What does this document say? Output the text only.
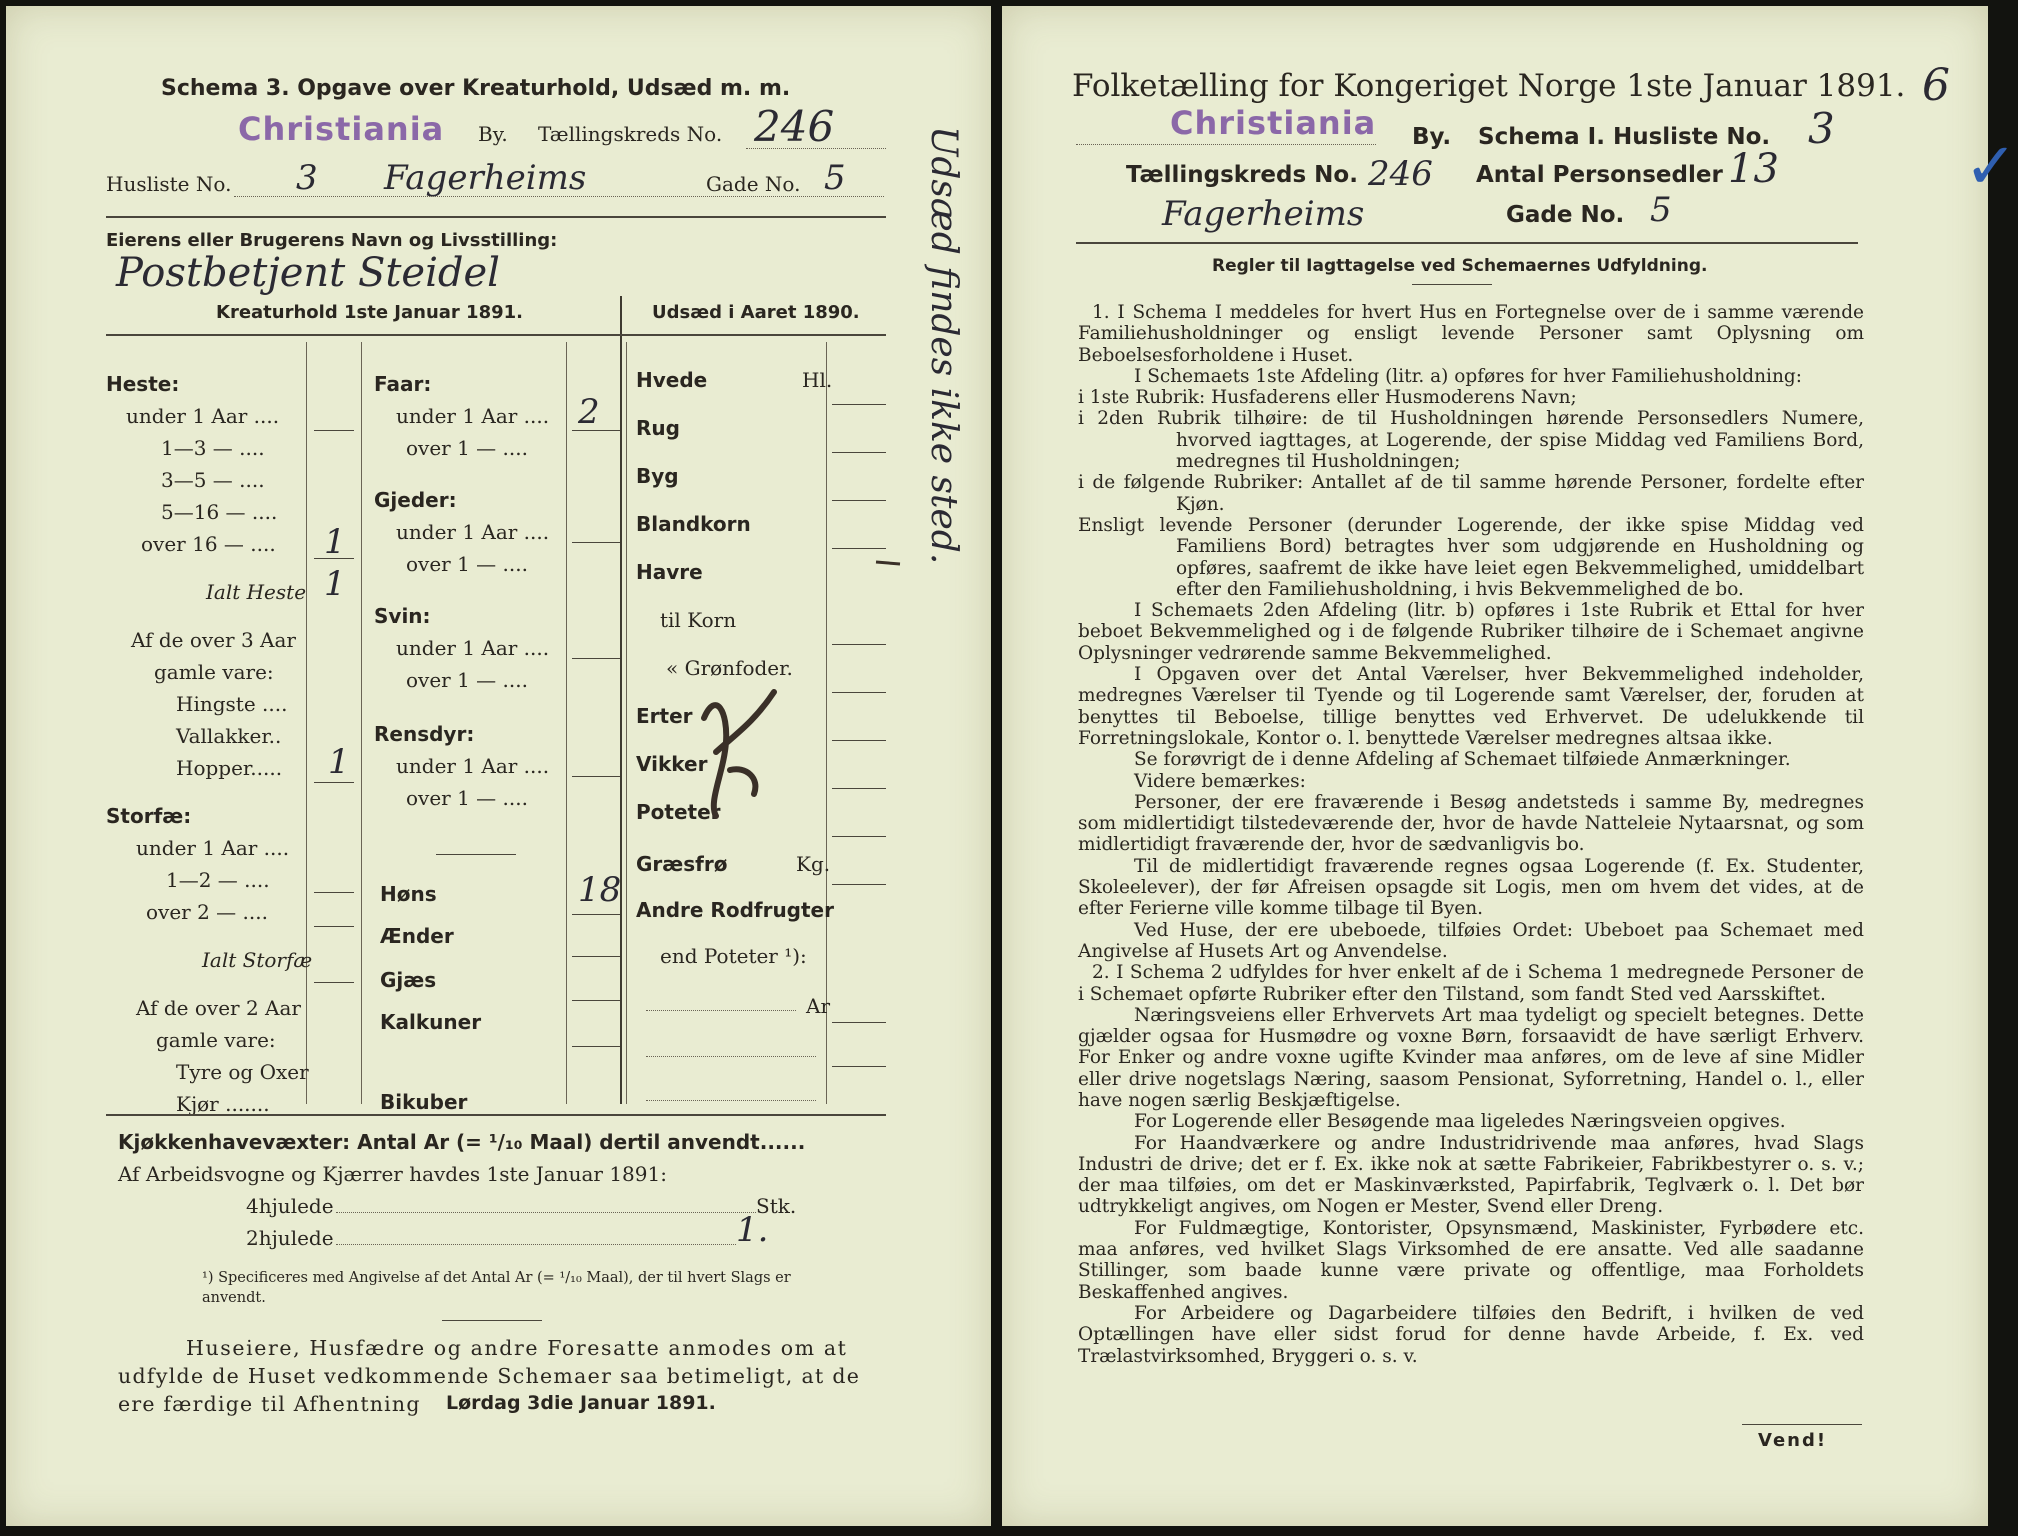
Schema 3. Opgave over Kreaturhold, Udsæd m. m.
Christiania By. Tællingskreds No. 246
Husliste No. 3 Fagerheims	Gade No. 5
Eierens eller Brugerens Navn og Livsstilling:
Postbetjent Steidel
Kreaturhold 1ste Januar 1891.	Udsæd i Aaret 1890.
Heste:
under 1 Aar ....
1—3 — ....
3—5 — ....
5—16 — ....
over 16 — .... 1
Ialt Heste 1
Af de over 3 Aar
gamle vare:
Hingste ....
Vallakker..
Hopper..... 1
Storfæ:
under 1 Aar ....
1—2 — ....
over 2 — ....
Ialt Storfæ
Af de over 2 Aar
gamle vare:
Tyre og Oxer
Kjør .......
Faar:
under 1 Aar .... 2
over 1 — ....
Gjeder:
under 1 Aar ....
over 1 — ....
Svin:
under 1 Aar ....
over 1 — ....
Rensdyr:
under 1 Aar ....
over 1 — ....
Høns	18
Ænder
Gjæs
Kalkuner
Bikuber
Hvede	Hl.
Rug
Byg
Blandkorn
Havre
til Korn
« Grønfoder.
Erter
Vikker
Poteter
Græsfrø	Kg.
Andre Rodfrugter
end Poteter ¹):
Ar
Udsæd findes ikke sted.
Kjøkkenhavevæxter: Antal Ar (= ¹/₁₀ Maal) dertil anvendt......
Af Arbeidsvogne og Kjærrer havdes 1ste Januar 1891:
4hjulede	Stk.
2hjulede	1.
¹) Specificeres med Angivelse af det Antal Ar (= ¹/₁₀ Maal), der til hvert Slags er
anvendt.
Huseiere, Husfædre og andre Foresatte anmodes om at
udfylde de Huset vedkommende Schemaer saa betimeligt, at de
ere færdige til Afhentning Lørdag 3die Januar 1891.
Folketælling for Kongeriget Norge 1ste Januar 1891. 6
Christiania By. Schema I. Husliste No. 3
Tællingskreds No. 246 Antal Personsedler 13	✓
Fagerheims	Gade No. 5
Regler til Iagttagelse ved Schemaernes Udfyldning.

1. I Schema I meddeles for hvert Hus en Fortegnelse over de i samme værende Familiehusholdninger og ensligt levende Personer samt Oplysning om Beboelsesforholdene i Huset.

I Schemaets 1ste Afdeling (litr. a) opføres for hver Familiehusholdning:

i 1ste Rubrik: Husfaderens eller Husmoderens Navn;

i 2den Rubrik tilhøire: de til Husholdningen hørende Personsedlers Numere, hvorved iagttages, at Logerende, der spise Middag ved Familiens Bord, medregnes til Husholdningen;

i de følgende Rubriker: Antallet af de til samme hørende Personer, fordelte efter Kjøn.

Ensligt levende Personer (derunder Logerende, der ikke spise Middag ved Familiens Bord) betragtes hver som udgjørende en Husholdning og opføres, saafremt de ikke have leiet egen Bekvemmelighed, umiddelbart efter den Familiehusholdning, i hvis Bekvemmelighed de bo.

I Schemaets 2den Afdeling (litr. b) opføres i 1ste Rubrik et Ettal for hver beboet Bekvemmelighed og i de følgende Rubriker tilhøire de i Schemaet angivne Oplysninger vedrørende samme Bekvemmelighed.

I Opgaven over det Antal Værelser, hver Bekvemmelighed indeholder, medregnes Værelser til Tyende og til Logerende samt Værelser, der, foruden at benyttes til Beboelse, tillige benyttes ved Erhvervet. De udelukkende til Forretningslokale, Kontor o. l. benyttede Værelser medregnes altsaa ikke.

Se forøvrigt de i denne Afdeling af Schemaet tilføiede Anmærkninger.

Videre bemærkes:

Personer, der ere fraværende i Besøg andetsteds i samme By, medregnes som midlertidigt tilstedeværende der, hvor de havde Natteleie Nytaarsnat, og som midlertidigt fraværende der, hvor de sædvanligvis bo.

Til de midlertidigt fraværende regnes ogsaa Logerende (f. Ex. Studenter, Skoleelever), der før Afreisen opsagde sit Logis, men om hvem det vides, at de efter Ferierne ville komme tilbage til Byen.

Ved Huse, der ere ubeboede, tilføies Ordet: Ubeboet paa Schemaet med Angivelse af Husets Art og Anvendelse.

2. I Schema 2 udfyldes for hver enkelt af de i Schema 1 medregnede Personer de i Schemaet opførte Rubriker efter den Tilstand, som fandt Sted ved Aarsskiftet.

Næringsveiens eller Erhvervets Art maa tydeligt og specielt betegnes. Dette gjælder ogsaa for Husmødre og voxne Børn, forsaavidt de have særligt Erhverv. For Enker og andre voxne ugifte Kvinder maa anføres, om de leve af sine Midler eller drive nogetslags Næring, saasom Pensionat, Syforretning, Handel o. l., eller have nogen særlig Beskjæftigelse.

For Logerende eller Besøgende maa ligeledes Næringsveien opgives.

For Haandværkere og andre Industridrivende maa anføres, hvad Slags Industri de drive; det er f. Ex. ikke nok at sætte Fabrikeier, Fabrikbestyrer o. s. v.; der maa tilføies, om det er Maskinværksted, Papirfabrik, Teglværk o. l. Det bør udtrykkeligt angives, om Nogen er Mester, Svend eller Dreng.

For Fuldmægtige, Kontorister, Opsynsmænd, Maskinister, Fyrbødere etc. maa anføres, ved hvilket Slags Virksomhed de ere ansatte. Ved alle saadanne Stillinger, som baade kunne være private og offentlige, maa Forholdets Beskaffenhed angives.

For Arbeidere og Dagarbeidere tilføies den Bedrift, i hvilken de ved Optællingen have eller sidst forud for denne havde Arbeide, f. Ex. ved Trælastvirksomhed, Bryggeri o. s. v.

Vend!
